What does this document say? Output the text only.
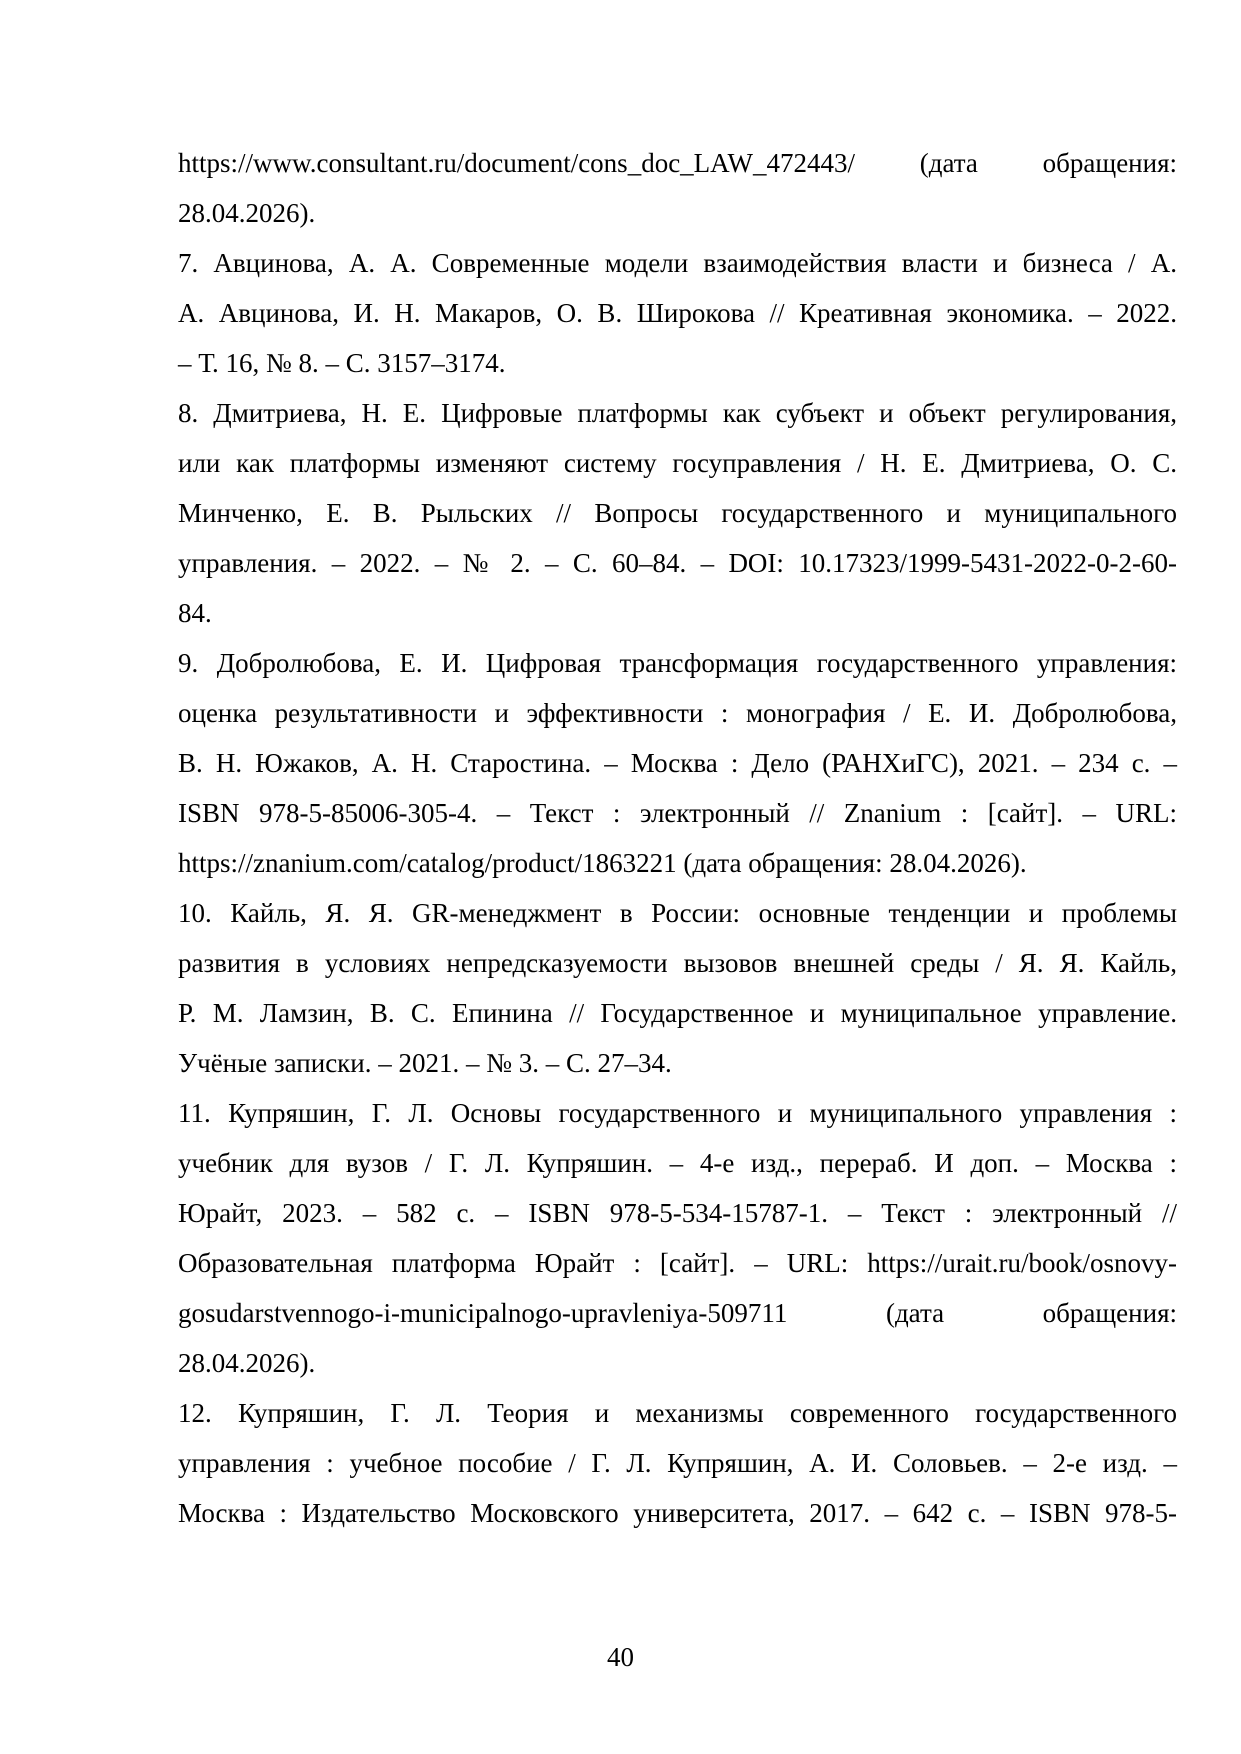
https://www.consultant.ru/document/cons_doc_LAW_472443/ (дата обращения:
28.04.2026).
7. Авцинова, А. А. Современные модели взаимодействия власти и бизнеса / А.
А. Авцинова, И. Н. Макаров, О. В. Широкова // Креативная экономика. – 2022.
– Т. 16, № 8. – С. 3157–3174.
8. Дмитриева, Н. Е. Цифровые платформы как субъект и объект регулирования,
или как платформы изменяют систему госуправления / Н. Е. Дмитриева, О. С.
Минченко, Е. В. Рыльских // Вопросы государственного и муниципального
управления. – 2022. – № 2. – С. 60–84. – DOI: 10.17323/1999-5431-2022-0-2-60-
84.
9. Добролюбова, Е. И. Цифровая трансформация государственного управления:
оценка результативности и эффективности : монография / Е. И. Добролюбова,
В. Н. Южаков, А. Н. Старостина. – Москва : Дело (РАНХиГС), 2021. – 234 с. –
ISBN 978-5-85006-305-4. – Текст : электронный // Znanium : [сайт]. – URL:
https://znanium.com/catalog/product/1863221 (дата обращения: 28.04.2026).
10. Кайль, Я. Я. GR-менеджмент в России: основные тенденции и проблемы
развития в условиях непредсказуемости вызовов внешней среды / Я. Я. Кайль,
Р. М. Ламзин, В. С. Епинина // Государственное и муниципальное управление.
Учёные записки. – 2021. – № 3. – С. 27–34.
11. Купряшин, Г. Л. Основы государственного и муниципального управления :
учебник для вузов / Г. Л. Купряшин. – 4-е изд., перераб. И доп. – Москва :
Юрайт, 2023. – 582 с. – ISBN 978-5-534-15787-1. – Текст : электронный //
Образовательная платформа Юрайт : [сайт]. – URL: https://urait.ru/book/osnovy-
gosudarstvennogo-i-municipalnogo-upravleniya-509711 (дата обращения:
28.04.2026).
12. Купряшин, Г. Л. Теория и механизмы современного государственного
управления : учебное пособие / Г. Л. Купряшин, А. И. Соловьев. – 2-е изд. –
Москва : Издательство Московского университета, 2017. – 642 с. – ISBN 978-5-
40
